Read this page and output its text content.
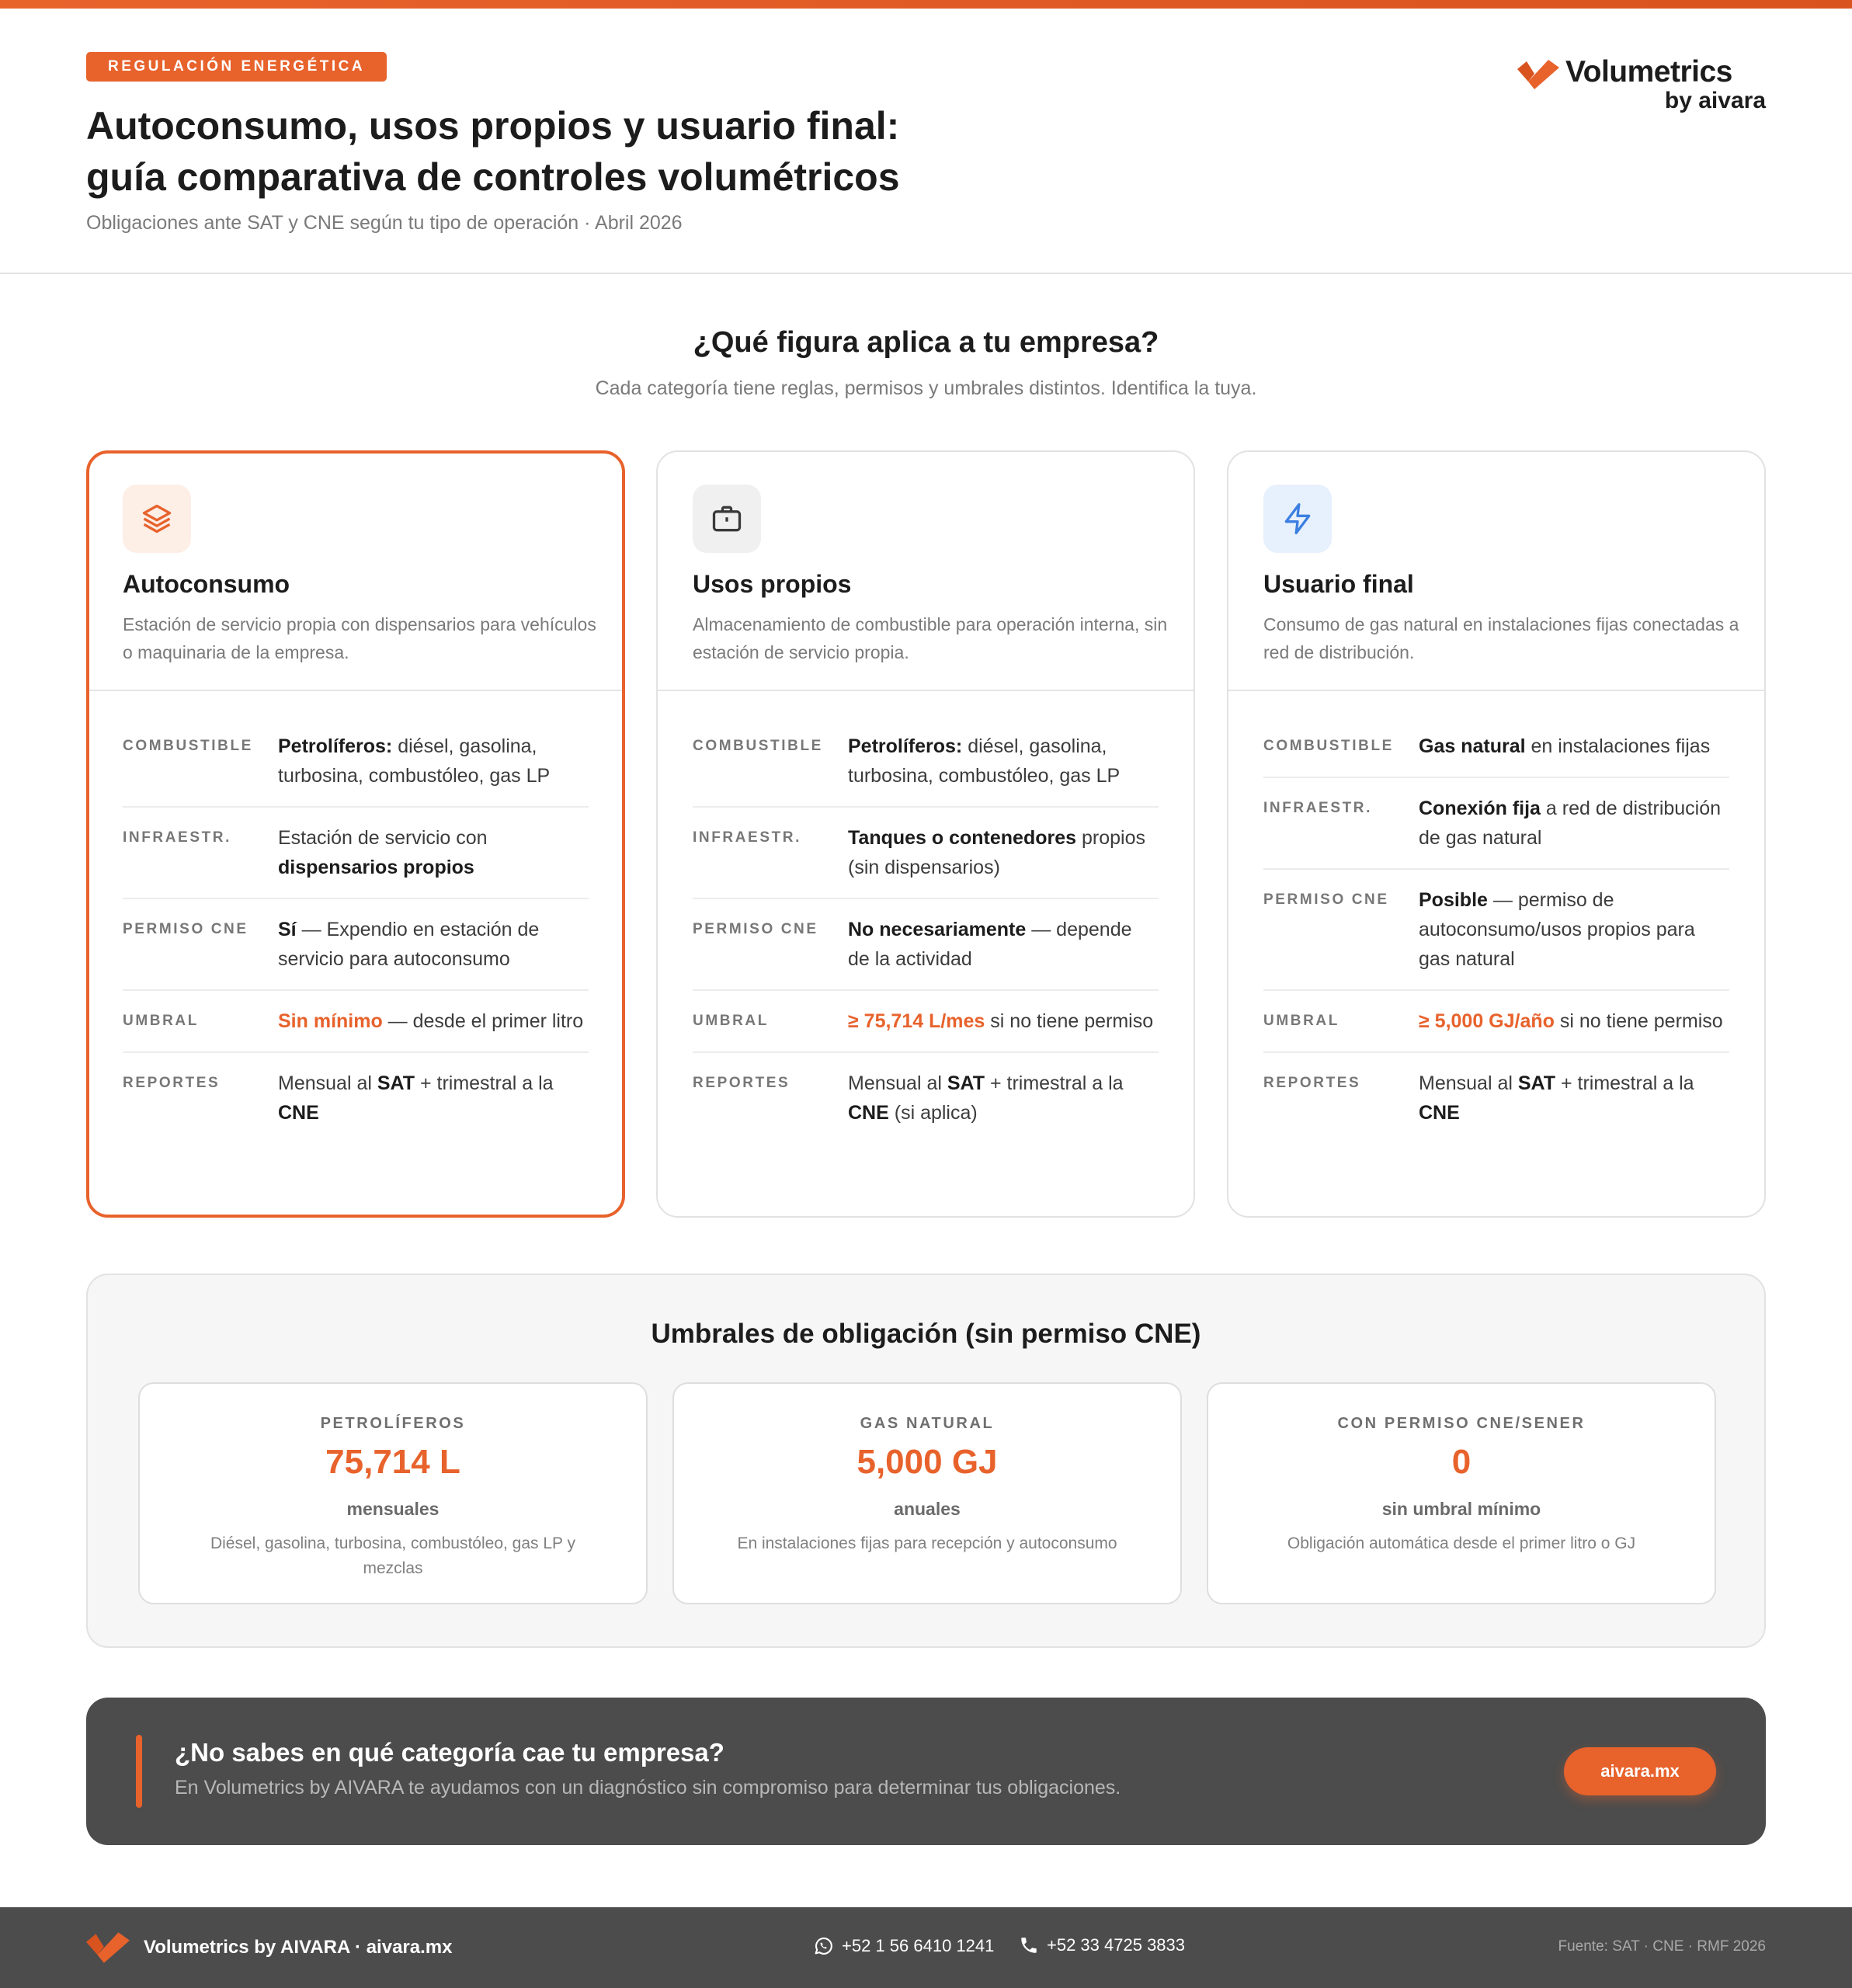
REGULACIÓN ENERGÉTICA
Autoconsumo, usos propios y usuario final:
guía comparativa de controles volumétricos
Obligaciones ante SAT y CNE según tu tipo de operación · Abril 2026
Volumetrics
by aivara
¿Qué figura aplica a tu empresa?
Cada categoría tiene reglas, permisos y umbrales distintos. Identifica la tuya.
Autoconsumo
Estación de servicio propia con dispensarios para vehículos o maquinaria de la empresa.
COMBUSTIBLE	Petrolíferos: diésel, gasolina, turbosina, combustóleo, gas LP
INFRAESTR.	Estación de servicio con dispensarios propios
PERMISO CNE	Sí — Expendio en estación de servicio para autoconsumo
UMBRAL	Sin mínimo — desde el primer litro
REPORTES	Mensual al SAT + trimestral a la CNE
Usos propios
Almacenamiento de combustible para operación interna, sin estación de servicio propia.
COMBUSTIBLE	Petrolíferos: diésel, gasolina, turbosina, combustóleo, gas LP
INFRAESTR.	Tanques o contenedores propios (sin dispensarios)
PERMISO CNE	No necesariamente — depende de la actividad
UMBRAL	≥ 75,714 L/mes si no tiene permiso
REPORTES	Mensual al SAT + trimestral a la CNE (si aplica)
Usuario final
Consumo de gas natural en instalaciones fijas conectadas a red de distribución.
COMBUSTIBLE	Gas natural en instalaciones fijas
INFRAESTR.	Conexión fija a red de distribución de gas natural
PERMISO CNE	Posible — permiso de autoconsumo/usos propios para gas natural
UMBRAL	≥ 5,000 GJ/año si no tiene permiso
REPORTES	Mensual al SAT + trimestral a la CNE
Umbrales de obligación (sin permiso CNE)
PETROLÍFEROS
75,714 L
mensuales
Diésel, gasolina, turbosina, combustóleo, gas LP y mezclas
GAS NATURAL
5,000 GJ
anuales
En instalaciones fijas para recepción y autoconsumo
CON PERMISO CNE/SENER
0
sin umbral mínimo
Obligación automática desde el primer litro o GJ
¿No sabes en qué categoría cae tu empresa?
En Volumetrics by AIVARA te ayudamos con un diagnóstico sin compromiso para determinar tus obligaciones.
aivara.mx
Volumetrics by AIVARA · aivara.mx	+52 1 56 6410 1241	+52 33 4725 3833	Fuente: SAT · CNE · RMF 2026
